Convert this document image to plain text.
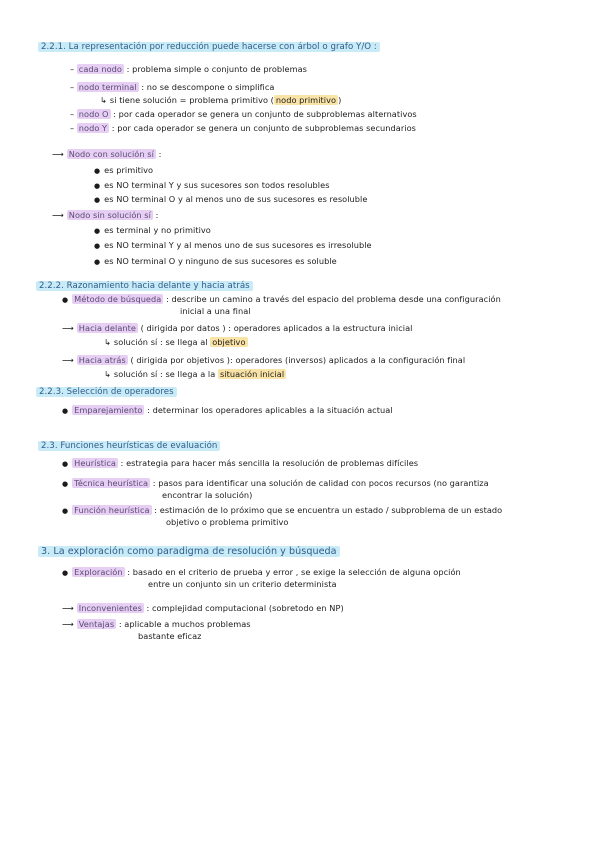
2.2.1. La representación por reducción puede hacerse con árbol o grafo Y/O :
– cada nodo : problema simple o conjunto de problemas
– nodo terminal : no se descompone o simplifica
↳ si tiene solución = problema primitivo ( nodo primitivo )
– nodo O : por cada operador se genera un conjunto de subproblemas alternativos
– nodo Y : por cada operador se genera un conjunto de subproblemas secundarios
⟶ Nodo con solución sí :
● es primitivo
● es NO terminal Y y sus sucesores son todos resolubles
● es NO terminal O y al menos uno de sus sucesores es resoluble
⟶ Nodo sin solución sí :
● es terminal y no primitivo
● es NO terminal Y y al menos uno de sus sucesores es irresoluble
● es NO terminal O y ninguno de sus sucesores es soluble
2.2.2. Razonamiento hacia delante y hacia atrás
● Método de búsqueda : describe un camino a través del espacio del problema desde una configuración
inicial a una final
⟶ Hacia delante ( dirigida por datos ) : operadores aplicados a la estructura inicial
↳ solución sí : se llega al objetivo
⟶ Hacia atrás ( dirigida por objetivos ): operadores (inversos) aplicados a la configuración final
↳ solución sí : se llega a la situación inicial
2.2.3. Selección de operadores
● Emparejamiento : determinar los operadores aplicables a la situación actual
2.3. Funciones heurísticas de evaluación
● Heurística : estrategia para hacer más sencilla la resolución de problemas difíciles
● Técnica heurística : pasos para identificar una solución de calidad con pocos recursos (no garantiza
encontrar la solución)
● Función heurística : estimación de lo próximo que se encuentra un estado / subproblema de un estado
objetivo o problema primitivo
3. La exploración como paradigma de resolución y búsqueda
● Exploración : basado en el criterio de prueba y error , se exige la selección de alguna opción
entre un conjunto sin un criterio determinista
⟶ Inconvenientes : complejidad computacional (sobretodo en NP)
⟶ Ventajas : aplicable a muchos problemas
bastante eficaz
